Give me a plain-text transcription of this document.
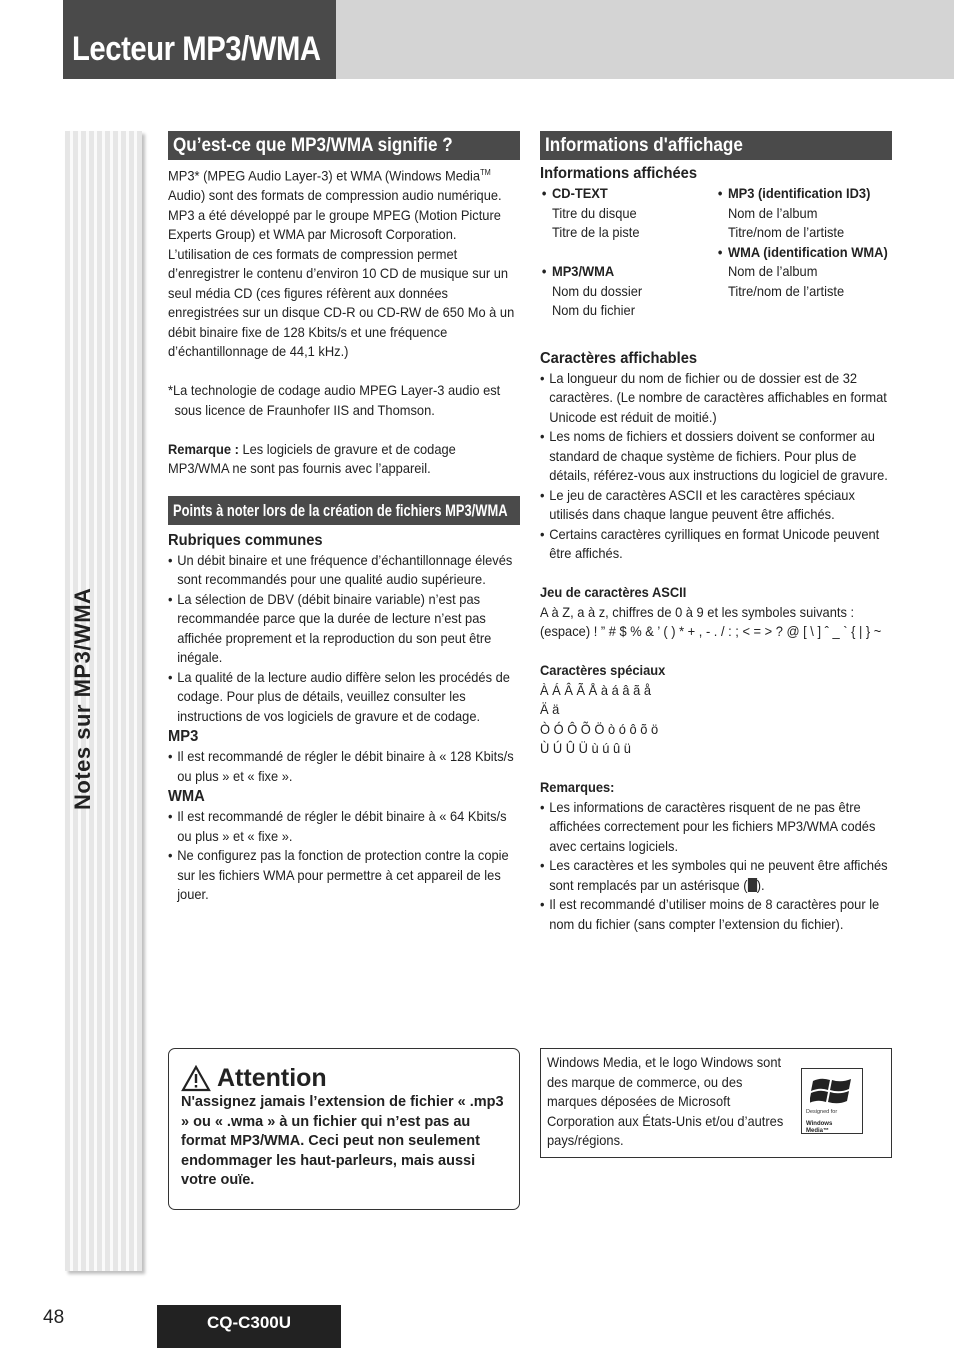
Lecteur MP3/WMA
Notes sur MP3/WMA
Qu’est-ce que MP3/WMA signifie ?

MP3* (MPEG Audio Layer-3) et WMA (Windows Media™ Audio) sont des formats de compression audio numérique. MP3 a été développé par le groupe MPEG (Motion Picture Experts Group) et WMA par Microsoft Corporation. L’utilisation de ces formats de compression permet d’enregistrer le contenu d’environ 10 CD de musique sur un seul média CD (ces figures réfèrent aux données enregistrées sur un disque CD-R ou CD-RW de 650 Mo à un débit binaire fixe de 128 Kbits/s et une fréquence d’échantillonnage de 44,1 kHz.)

*La technologie de codage audio MPEG Layer-3 audio est sous licence de Fraunhofer IIS and Thomson.

Remarque : Les logiciels de gravure et de codage MP3/WMA ne sont pas fournis avec l’appareil.

Points à noter lors de la création de fichiers MP3/WMA
Rubriques communes
• Un débit binaire et une fréquence d’échantillonnage élevés sont recommandés pour une qualité audio supérieure.
• La sélection de DBV (débit binaire variable) n’est pas recommandée parce que la durée de lecture n’est pas affichée proprement et la reproduction du son peut être inégale.
• La qualité de la lecture audio diffère selon les procédés de codage. Pour plus de détails, veuillez consulter les instructions de vos logiciels de gravure et de codage.
MP3
• Il est recommandé de régler le débit binaire à « 128 Kbits/s ou plus » et « fixe ».
WMA
• Il est recommandé de régler le débit binaire à « 64 Kbits/s ou plus » et « fixe ».
• Ne configurez pas la fonction de protection contre la copie sur les fichiers WMA pour permettre à cet appareil de les jouer.
Informations d'affichage
Informations affichées
• CD-TEXT
Titre du disque
Titre de la piste
• MP3/WMA
Nom du dossier
Nom du fichier
• MP3 (identification ID3)
Nom de l’album
Titre/nom de l’artiste
• WMA (identification WMA)
Nom de l’album
Titre/nom de l’artiste
Caractères affichables
• La longueur du nom de fichier ou de dossier est de 32 caractères. (Le nombre de caractères affichables en format Unicode est réduit de moitié.)
• Les noms de fichiers et dossiers doivent se conformer au standard de chaque système de fichiers. Pour plus de détails, référez-vous aux instructions du logiciel de gravure.
• Le jeu de caractères ASCII et les caractères spéciaux utilisés dans chaque langue peuvent être affichés.
• Certains caractères cyrilliques en format Unicode peuvent être affichés.
Jeu de caractères ASCII

A à Z, a à z, chiffres de 0 à 9 et les symboles suivants : (espace) ! ” # $ % & ’ ( ) * + , - . / : ; < = > ? @ [ \ ] ˆ _ ` { | } ~

Caractères spéciaux

À Á Â Ã Å à á â ã å

Ä ä

Ò Ó Ô Õ Ö ò ó ô õ ö

Ù Ú Û Ü ù ú û ü

Remarques:
• Les informations de caractères risquent de ne pas être affichées correctement pour les fichiers MP3/WMA codés avec certains logiciels.
• Les caractères et les symboles qui ne peuvent être affichés sont remplacés par un astérisque ( ).
• Il est recommandé d’utiliser moins de 8 caractères pour le nom du fichier (sans compter l’extension du fichier).
Attention
N'assignez jamais l’extension de fichier « .mp3 » ou « .wma » à un fichier qui n’est pas au format MP3/WMA. Ceci peut non seulement endommager les haut-parleurs, mais aussi votre ouïe.
Windows Media, et le logo Windows sont des marque de commerce, ou des marques déposées de Microsoft Corporation aux États-Unis et/ou d’autres pays/régions.
Designed for
Windows
Media™
48	CQ-C300U
